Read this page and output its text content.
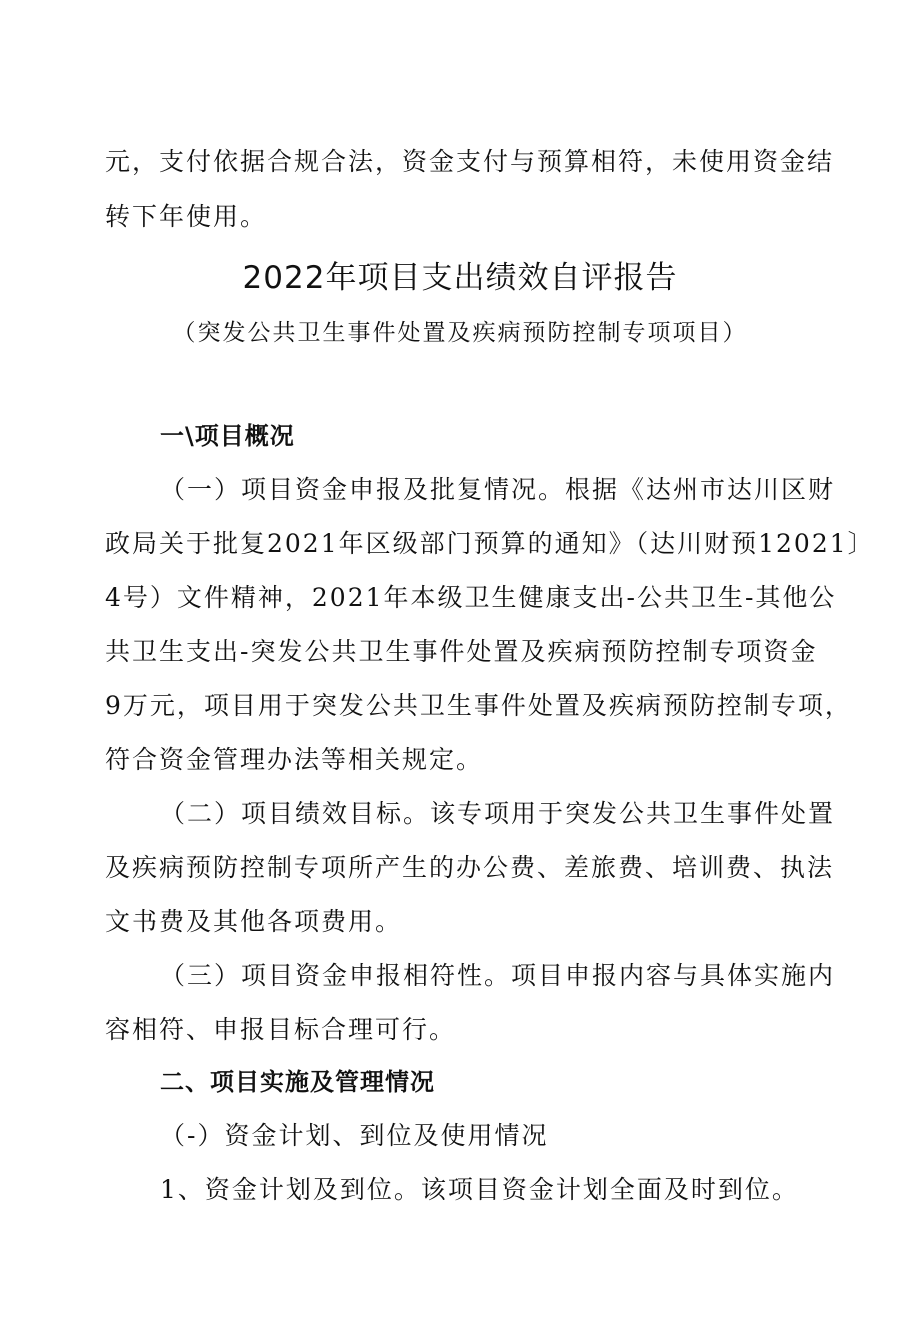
元，支付依据合规合法，资金支付与预算相符，未使用资金结
转下年使用。
2022年项目支出绩效自评报告
（突发公共卫生事件处置及疾病预防控制专项项目）
一\项目概况
（一）项目资金申报及批复情况。根据《达州市达川区财
政局关于批复2021年区级部门预算的通知》（达川财预12021〕
4号）文件精神，2021年本级卫生健康支出-公共卫生-其他公
共卫生支出-突发公共卫生事件处置及疾病预防控制专项资金
9万元，项目用于突发公共卫生事件处置及疾病预防控制专项，
符合资金管理办法等相关规定。
（二）项目绩效目标。该专项用于突发公共卫生事件处置
及疾病预防控制专项所产生的办公费、差旅费、培训费、执法
文书费及其他各项费用。
（三）项目资金申报相符性。项目申报内容与具体实施内
容相符、申报目标合理可行。
二、项目实施及管理情况
（-）资金计划、到位及使用情况
1、资金计划及到位。该项目资金计划全面及时到位。
